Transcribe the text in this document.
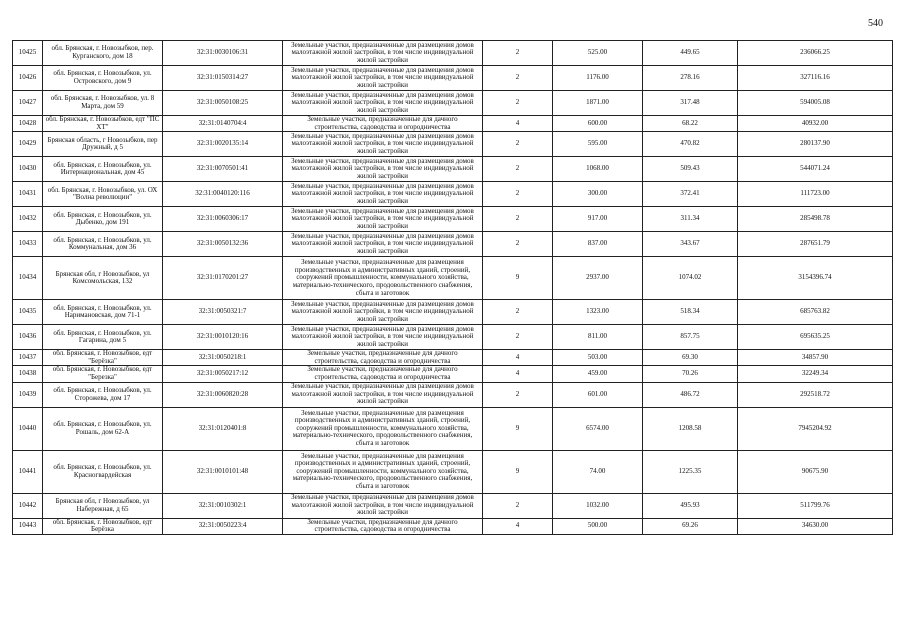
540
10425	обл. Брянская, г. Новозыбков, пер. Курганского, дом 18	32:31:0030106:31	Земельные участки, предназначенные для размещения домов малоэтажной жилой застройки, в том числе индивидуальной жилой застройки	2	525.00	449.65	236066.25
10426	обл. Брянская, г. Новозыбков, ул. Островского, дом 9	32:31:0150314:27	Земельные участки, предназначенные для размещения домов малоэтажной жилой застройки, в том числе индивидуальной жилой застройки	2	1176.00	278.16	327116.16
10427	обл. Брянская, г. Новозыбков, ул. 8 Марта, дом 59	32:31:0050108:25	Земельные участки, предназначенные для размещения домов малоэтажной жилой застройки, в том числе индивидуальной жилой застройки	2	1871.00	317.48	594005.08
10428	обл. Брянская, г. Новозыбков, едт "ПС ХТ"	32:31:0140704:4	Земельные участки, предназначенные для дачного строительства, садоводства и огородничества	4	600.00	68.22	40932.00
10429	Брянская область, г Новозыбков, пер Дружный, д 5	32:31:0020135:14	Земельные участки, предназначенные для размещения домов малоэтажной жилой застройки, в том числе индивидуальной жилой застройки	2	595.00	470.82	280137.90
10430	обл. Брянская, г. Новозыбков, ул. Интернациональная, дом 45	32:31:0070501:41	Земельные участки, предназначенные для размещения домов малоэтажной жилой застройки, в том числе индивидуальной жилой застройки	2	1068.00	509.43	544071.24
10431	обл. Брянская, г. Новозыбков, ул. ОХ "Волна революции"	32:31:0040120:116	Земельные участки, предназначенные для размещения домов малоэтажной жилой застройки, в том числе индивидуальной жилой застройки	2	300.00	372.41	111723.00
10432	обл. Брянская, г. Новозыбков, ул. Дыбенко, дом 191	32:31:0060306:17	Земельные участки, предназначенные для размещения домов малоэтажной жилой застройки, в том числе индивидуальной жилой застройки	2	917.00	311.34	285498.78
10433	обл. Брянская, г. Новозыбков, ул. Коммунальная, дом 36	32:31:0050132:36	Земельные участки, предназначенные для размещения домов малоэтажной жилой застройки, в том числе индивидуальной жилой застройки	2	837.00	343.67	287651.79
10434	Брянская обл, г Новозыбков, ул Комсомольская, 132	32:31:0170201:27	Земельные участки, предназначенные для размещения производственных и административных зданий, строений, сооружений промышленности, коммунального хозяйства, материально-технического, продовольственного снабжения, сбыта и заготовок	9	2937.00	1074.02	3154396.74
10435	обл. Брянская, г. Новозыбков, ул. Наримановская, дом 71-1	32:31:0050321:7	Земельные участки, предназначенные для размещения домов малоэтажной жилой застройки, в том числе индивидуальной жилой застройки	2	1323.00	518.34	685763.82
10436	обл. Брянская, г. Новозыбков, ул. Гагарина, дом 5	32:31:0010120:16	Земельные участки, предназначенные для размещения домов малоэтажной жилой застройки, в том числе индивидуальной жилой застройки	2	811.00	857.75	695635.25
10437	обл. Брянская, г. Новозыбков, едт "Берёзка"	32:31:0050218:1	Земельные участки, предназначенные для дачного строительства, садоводства и огородничества	4	503.00	69.30	34857.90
10438	обл. Брянская, г. Новозыбков, едт "Березка"	32:31:0050217:12	Земельные участки, предназначенные для дачного строительства, садоводства и огородничества	4	459.00	70.26	32249.34
10439	обл. Брянская, г. Новозыбков, ул. Сторожева, дом 17	32:31:0060820:28	Земельные участки, предназначенные для размещения домов малоэтажной жилой застройки, в том числе индивидуальной жилой застройки	2	601.00	486.72	292518.72
10440	обл. Брянская, г. Новозыбков, ул. Рошаль, дом 62-А	32:31:0120401:8	Земельные участки, предназначенные для размещения производственных и административных зданий, строений, сооружений промышленности, коммунального хозяйства, материально-технического, продовольственного снабжения, сбыта и заготовок	9	6574.00	1208.58	7945204.92
10441	обл. Брянская, г. Новозыбков, ул. Красногвардейская	32:31:0010101:48	Земельные участки, предназначенные для размещения производственных и административных зданий, строений, сооружений промышленности, коммунального хозяйства, материально-технического, продовольственного снабжения, сбыта и заготовок	9	74.00	1225.35	90675.90
10442	Брянская обл, г Новозыбков, ул Набережная, д 65	32:31:0010302:1	Земельные участки, предназначенные для размещения домов малоэтажной жилой застройки, в том числе индивидуальной жилой застройки	2	1032.00	495.93	511799.76
10443	обл. Брянская, г. Новозыбков, едт Берёзка	32:31:0050223:4	Земельные участки, предназначенные для дачного строительства, садоводства и огородничества	4	500.00	69.26	34630.00
